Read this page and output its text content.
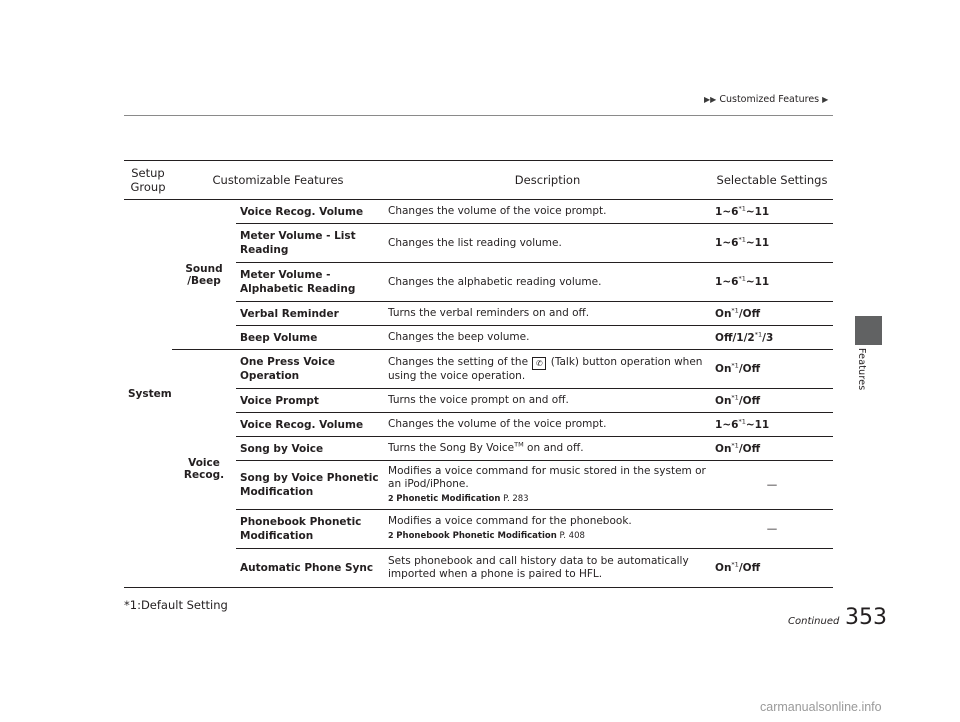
▶▶ Customized Features ▶
Features
Setup Group	Customizable Features		Description	Selectable Settings
System	Sound /Beep	Voice Recog. Volume	Changes the volume of the voice prompt.	1~6$^{*1}$~11
		Meter Volume - List Reading	Changes the list reading volume.	1~6$^{*1}$~11
		Meter Volume - Alphabetic Reading	Changes the alphabetic reading volume.	1~6$^{*1}$~11
		Verbal Reminder	Turns the verbal reminders on and off.	On$^{*1}$/Off
		Beep Volume	Changes the beep volume.	Off/1/2$^{*1}$/3
	Voice Recog.	One Press Voice Operation	Changes the setting of the ✆ (Talk) button operation when using the voice operation.	On$^{*1}$/Off
		Voice Prompt	Turns the voice prompt on and off.	On$^{*1}$/Off
		Voice Recog. Volume	Changes the volume of the voice prompt.	1~6$^{*1}$~11
		Song by Voice	Turns the Song By Voice™ on and off.	On$^{*1}$/Off
		Song by Voice Phonetic Modification	Modifies a voice command for music stored in the system or an iPod/iPhone.
2 Phonetic Modification P. 283	—
		Phonebook Phonetic Modification	Modifies a voice command for the phonebook.
2 Phonebook Phonetic Modification P. 408	—
		Automatic Phone Sync	Sets phonebook and call history data to be automatically imported when a phone is paired to HFL.	On$^{*1}$/Off
*1:Default Setting
Continued 353
carmanualsonline.info
